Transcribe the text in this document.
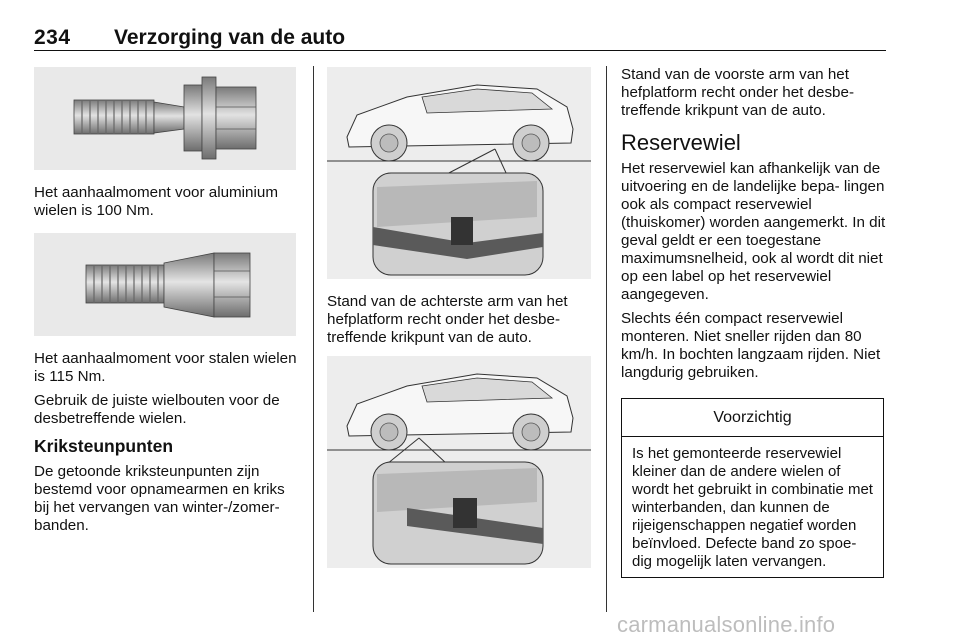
234 Verzorging van de auto

Het aanhaalmoment voor aluminium wielen is 100 Nm.

Het aanhaalmoment voor stalen wielen is 115 Nm.

Gebruik de juiste wielbouten voor de desbetreffende wielen.

Kriksteunpunten

De getoonde kriksteunpunten zijn bestemd voor opnamearmen en kriks bij het vervangen van winter-/zomer- banden.

Stand van de achterste arm van het hefplatform recht onder het desbe- treffende krikpunt van de auto.

Stand van de voorste arm van het hefplatform recht onder het desbe- treffende krikpunt van de auto.

Reservewiel

Het reservewiel kan afhankelijk van de uitvoering en de landelijke bepa- lingen ook als compact reservewiel (thuiskomer) worden aangemerkt. In dit geval geldt er een toegestane maximumsnelheid, ook al wordt dit niet op een label op het reservewiel aangegeven.

Slechts één compact reservewiel monteren. Niet sneller rijden dan 80 km/h. In bochten langzaam rijden. Niet langdurig gebruiken.

Voorzichtig
Is het gemonteerde reservewiel kleiner dan de andere wielen of wordt het gebruikt in combinatie met winterbanden, dan kunnen de rijeigenschappen negatief worden beïnvloed. Defecte band zo spoe- dig mogelijk laten vervangen.
carmanualsonline.info
